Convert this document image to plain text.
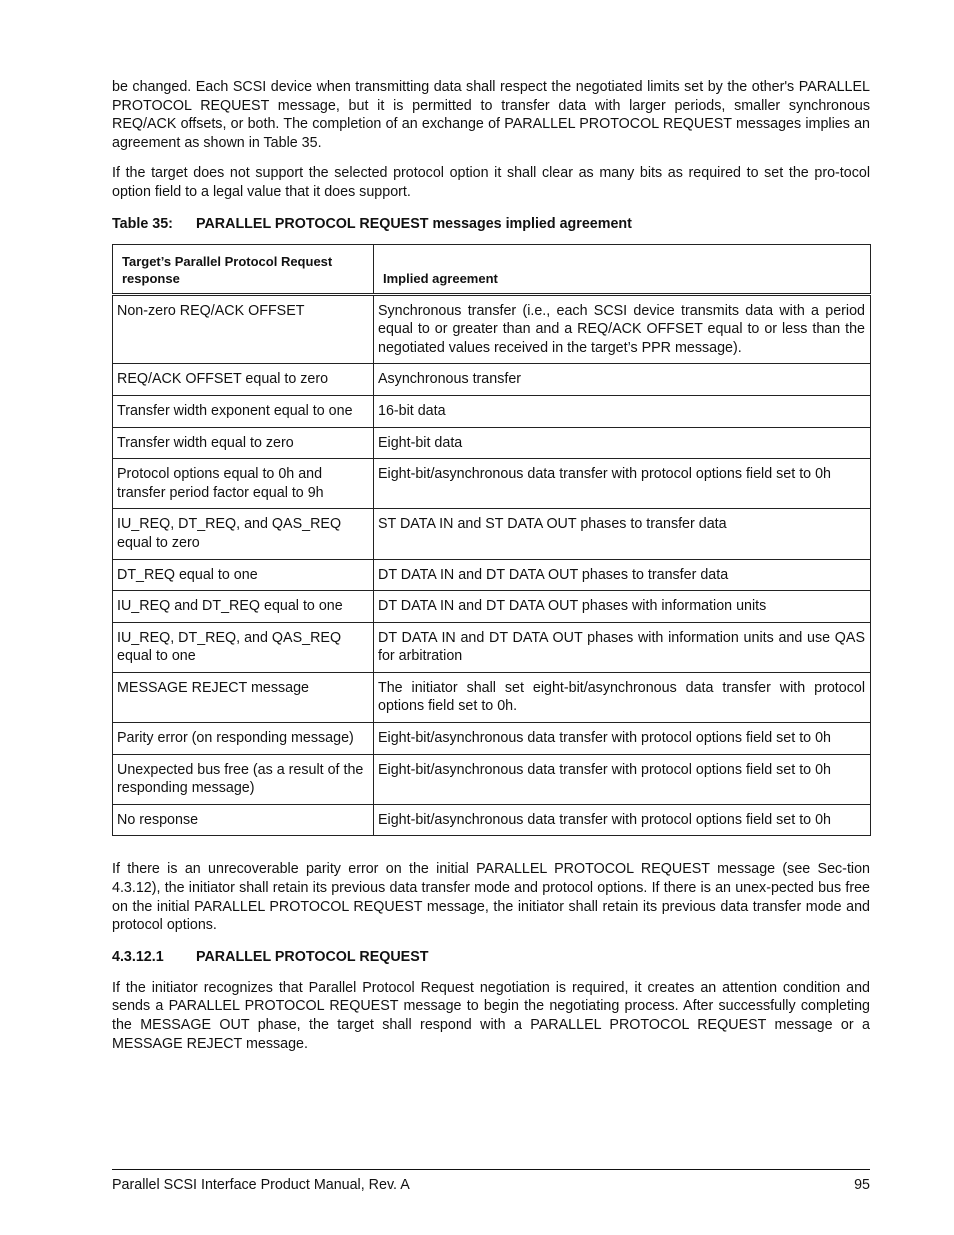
be changed. Each SCSI device when transmitting data shall respect the negotiated limits set by the other's PARALLEL PROTOCOL REQUEST message, but it is permitted to transfer data with larger periods, smaller synchronous REQ/ACK offsets, or both. The completion of an exchange of PARALLEL PROTOCOL REQUEST messages implies an agreement as shown in Table 35.

If the target does not support the selected protocol option it shall clear as many bits as required to set the pro-tocol option field to a legal value that it does support.

Table 35: PARALLEL PROTOCOL REQUEST messages implied agreement
Target’s Parallel Protocol Request response	Implied agreement
Non-zero REQ/ACK OFFSET	Synchronous transfer (i.e., each SCSI device transmits data with a period equal to or greater than and a REQ/ACK OFFSET equal to or less than the negotiated values received in the target’s PPR message).
REQ/ACK OFFSET equal to zero	Asynchronous transfer
Transfer width exponent equal to one	16-bit data
Transfer width equal to zero	Eight-bit data
Protocol options equal to 0h and transfer period factor equal to 9h	Eight-bit/asynchronous data transfer with protocol options field set to 0h
IU_REQ, DT_REQ, and QAS_REQ equal to zero	ST DATA IN and ST DATA OUT phases to transfer data
DT_REQ equal to one	DT DATA IN and DT DATA OUT phases to transfer data
IU_REQ and DT_REQ equal to one	DT DATA IN and DT DATA OUT phases with information units
IU_REQ, DT_REQ, and QAS_REQ equal to one	DT DATA IN and DT DATA OUT phases with information units and use QAS for arbitration
MESSAGE REJECT message	The initiator shall set eight-bit/asynchronous data transfer with protocol options field set to 0h.
Parity error (on responding message)	Eight-bit/asynchronous data transfer with protocol options field set to 0h
Unexpected bus free (as a result of the responding message)	Eight-bit/asynchronous data transfer with protocol options field set to 0h
No response	Eight-bit/asynchronous data transfer with protocol options field set to 0h

If there is an unrecoverable parity error on the initial PARALLEL PROTOCOL REQUEST message (see Sec-tion 4.3.12), the initiator shall retain its previous data transfer mode and protocol options. If there is an unex-pected bus free on the initial PARALLEL PROTOCOL REQUEST message, the initiator shall retain its previous data transfer mode and protocol options.

4.3.12.1 PARALLEL PROTOCOL REQUEST

If the initiator recognizes that Parallel Protocol Request negotiation is required, it creates an attention condition and sends a PARALLEL PROTOCOL REQUEST message to begin the negotiating process. After successfully completing the MESSAGE OUT phase, the target shall respond with a PARALLEL PROTOCOL REQUEST message or a MESSAGE REJECT message.

Parallel SCSI Interface Product Manual, Rev. A	95
